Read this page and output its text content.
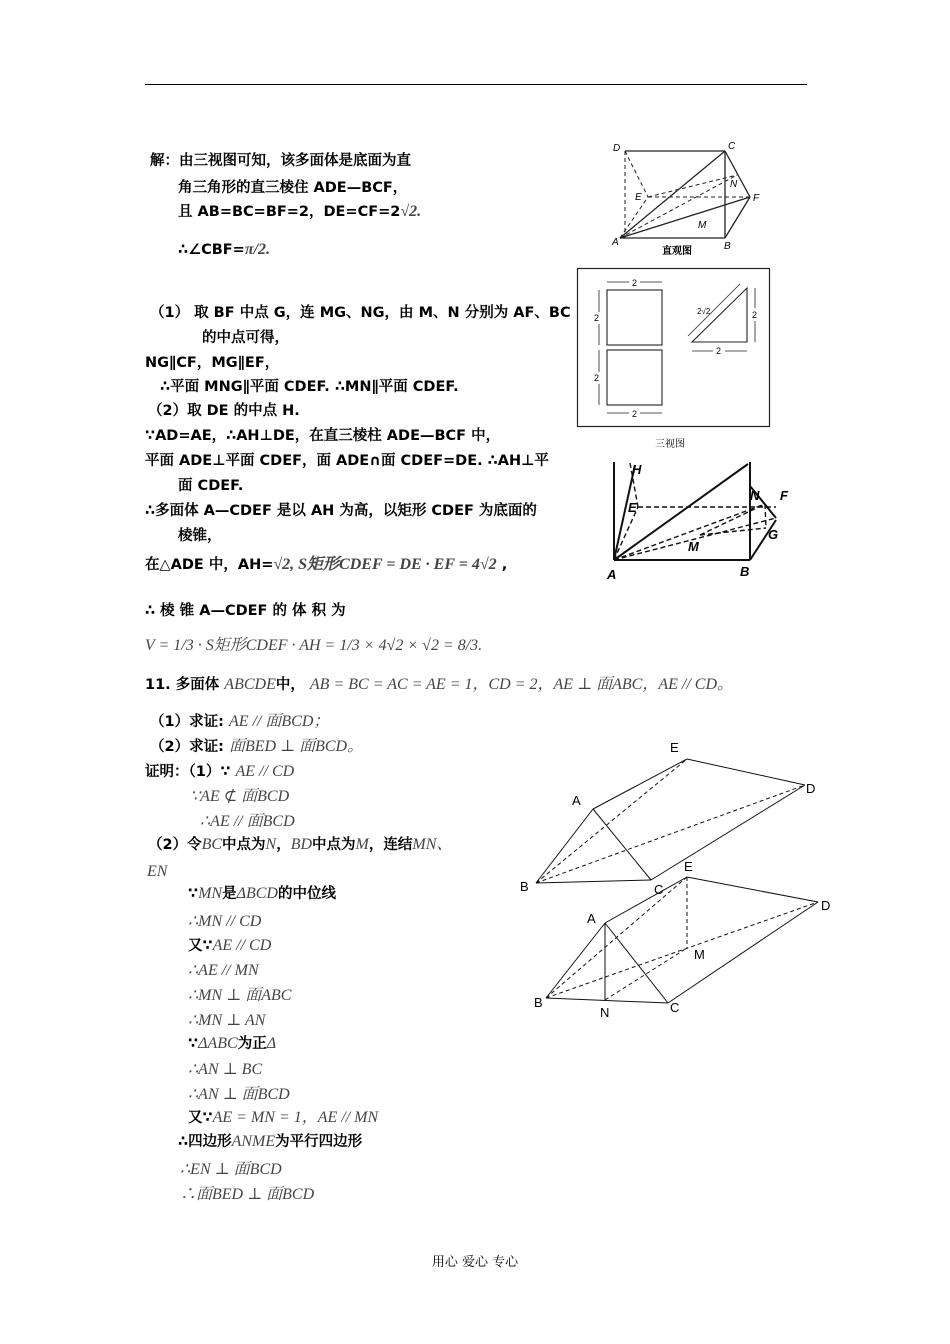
解：由三视图可知，该多面体是底面为直
角三角形的直三棱住 ADE—BCF，
且 AB=BC=BF=2，DE=CF=2√2.
∴∠CBF=π/2.
（1） 取 BF 中点 G，连 MG、NG，由 M、N 分别为 AF、BC
的中点可得，
NG∥CF，MG∥EF，
∴平面 MNG∥平面 CDEF. ∴MN∥平面 CDEF.
（2）取 DE 的中点 H.
∵AD=AE，∴AH⊥DE，在直三棱柱 ADE—BCF 中，
平面 ADE⊥平面 CDEF，面 ADE∩面 CDEF=DE. ∴AH⊥平
面 CDEF.
∴多面体 A—CDEF 是以 AH 为高，以矩形 CDEF 为底面的
棱锥，
在△ADE 中，AH=√2, S矩形CDEF = DE · EF = 4√2 ,
∴ 棱 锥 A—CDEF 的 体 积 为
V = 1/3 · S矩形CDEF · AH = 1/3 × 4√2 × √2 = 8/3.
11. 多面体 ABCDE中， AB = BC = AC = AE = 1，CD = 2，AE ⊥ 面ABC，AE // CD。
（1）求证: AE // 面BCD；
（2）求证: 面BED ⊥ 面BCD。
证明：（1）∵ AE // CD
∵AE ⊄ 面BCD
∴AE // 面BCD
（2）令BC中点为N，BD中点为M，连结MN、
EN
∵MN是ΔBCD的中位线
∴MN // CD
又∵AE // CD
∴AE // MN
∴MN ⊥ 面ABC
∴MN ⊥ AN
∵ΔABC为正Δ
∴AN ⊥ BC
∴AN ⊥ 面BCD
又∵AE = MN = 1，AE // MN
∴四边形ANME为平行四边形
∴EN ⊥ 面BCD
∴面BED ⊥ 面BCD
D	C
E
N
F
M
A	B
直观图
2
2
2
2
2
2
2√2
三视图
H
E
N F
G
M
A	B
E
D
A
B	C
E
D
A
M
B	C
N
用心 爱心 专心
